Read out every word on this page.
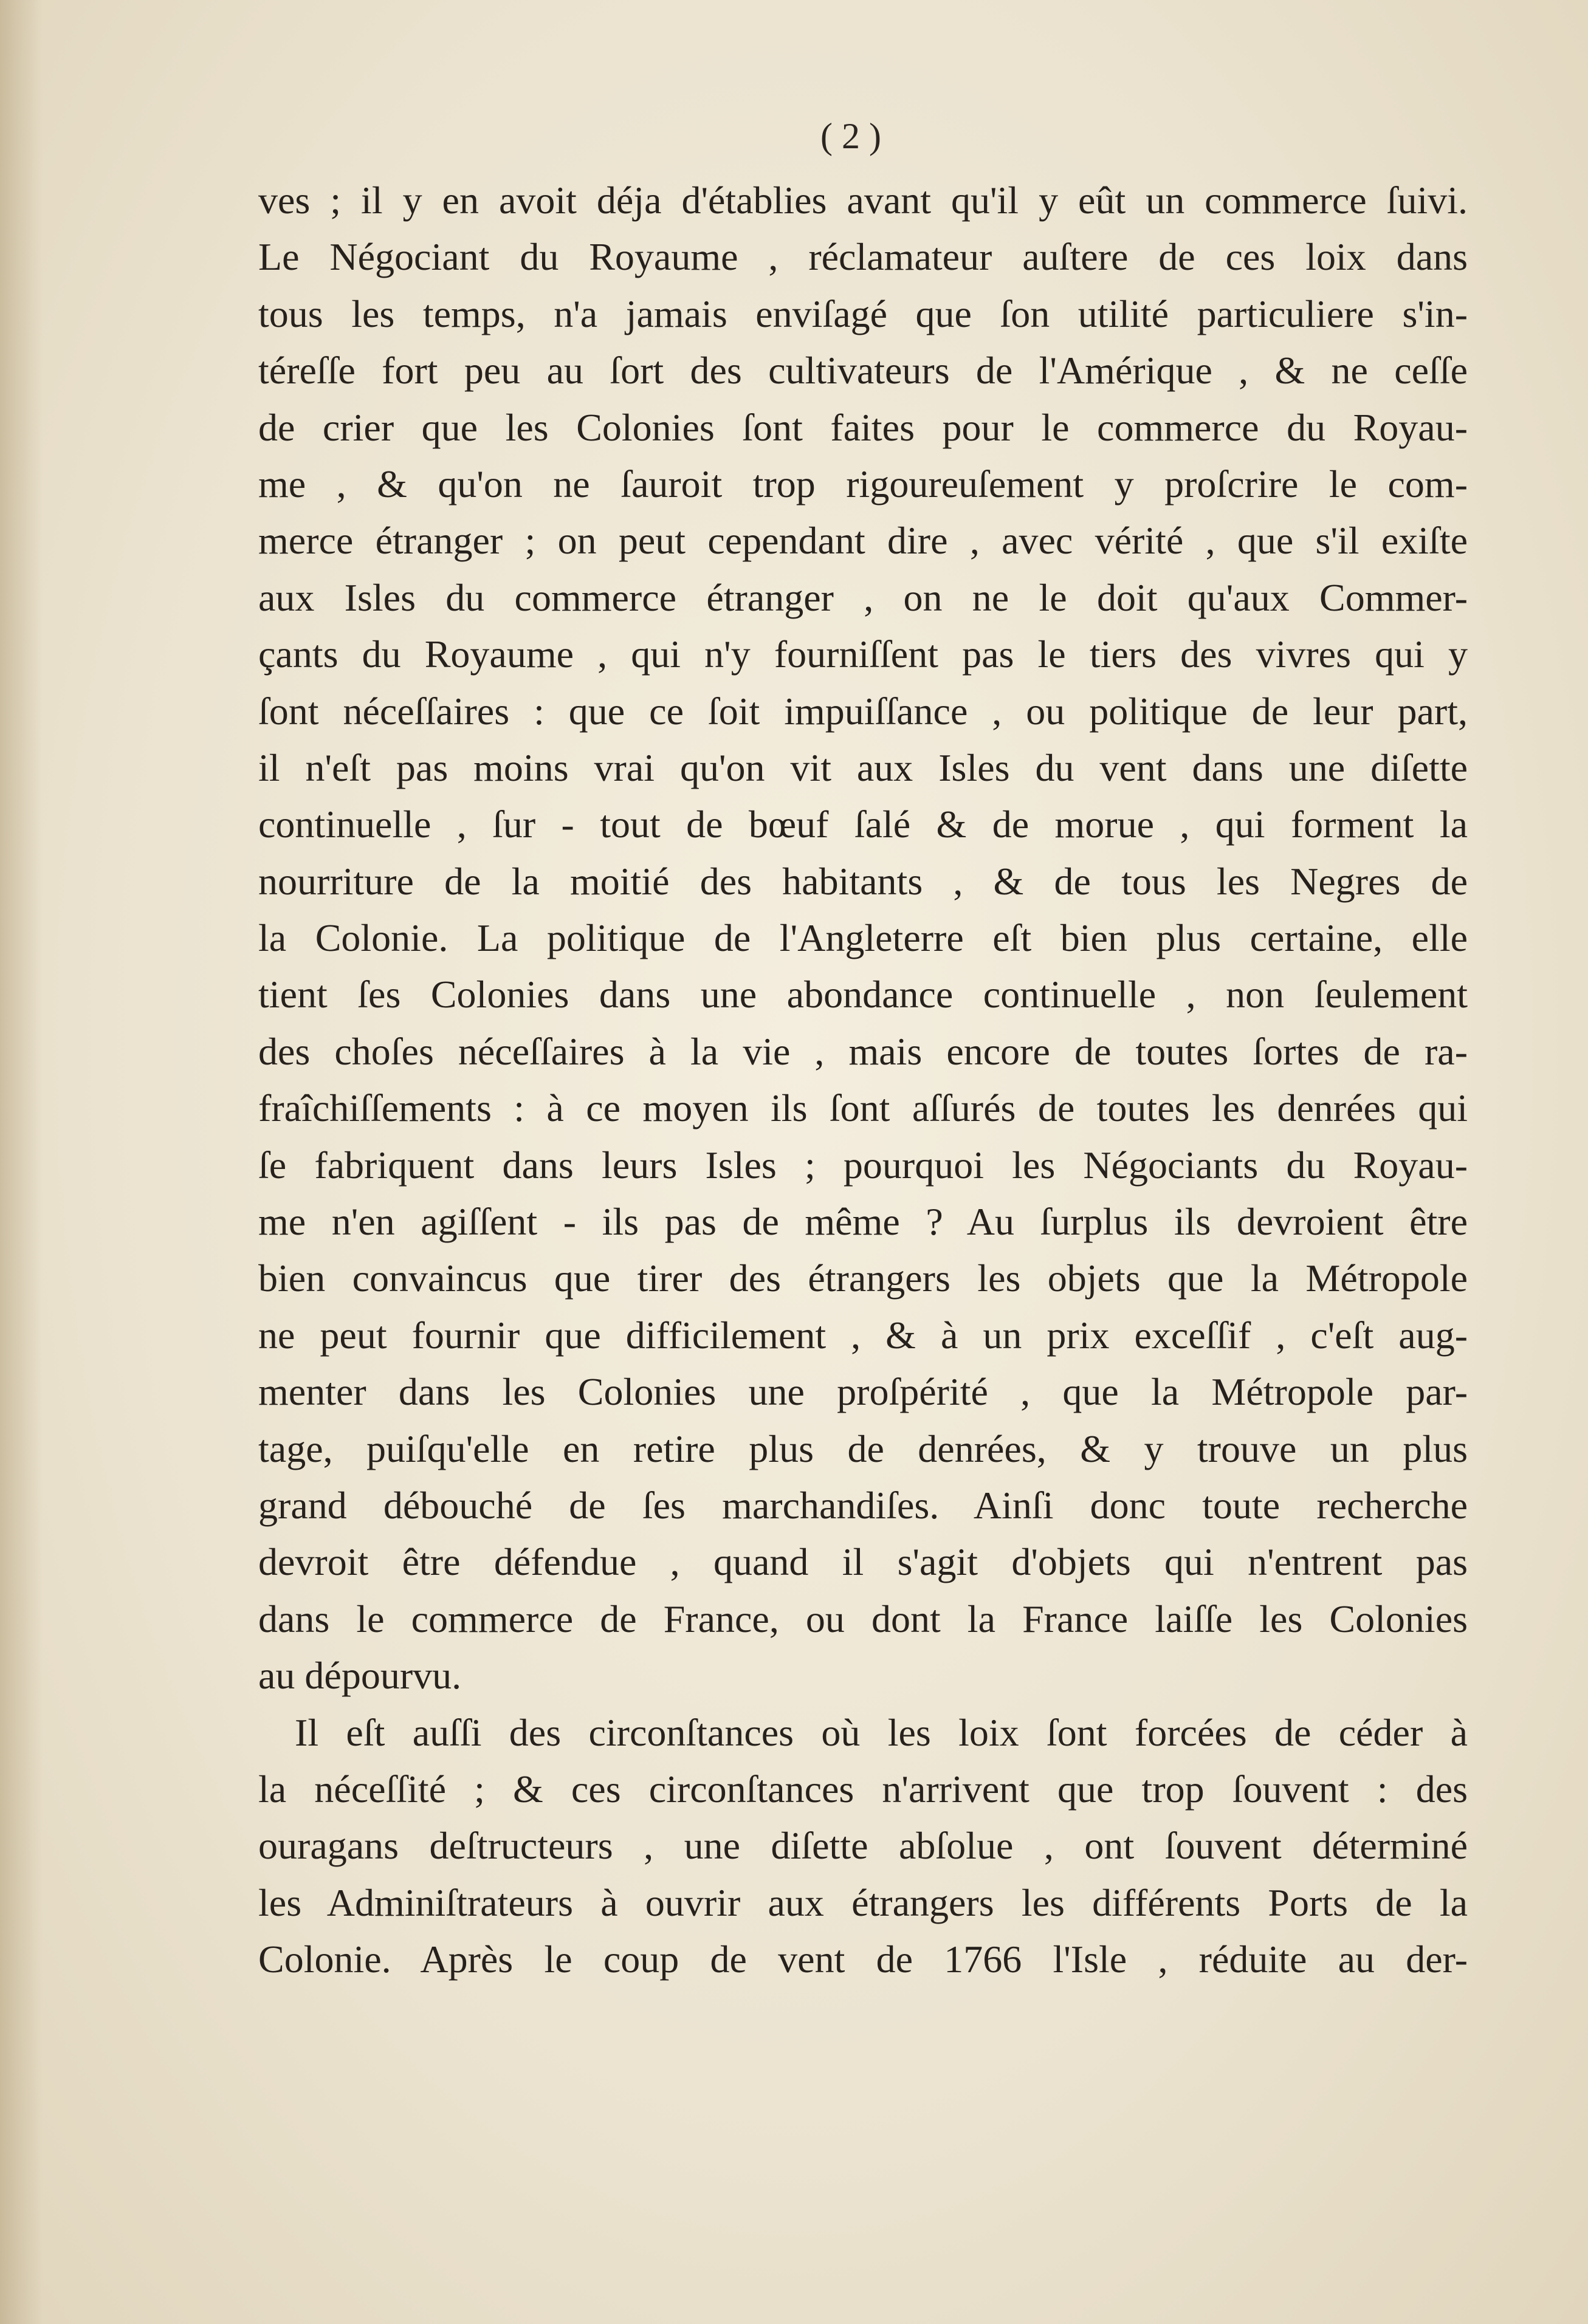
( 2 )
ves ; il y en avoit déja d'établies avant qu'il y eût un commerce ſuivi.
Le Négociant du Royaume , réclamateur auſtere de ces loix dans
tous les temps, n'a jamais enviſagé que ſon utilité particuliere s'in-
téreſſe fort peu au ſort des cultivateurs de l'Amérique , & ne ceſſe
de crier que les Colonies ſont faites pour le commerce du Royau-
me , & qu'on ne ſauroit trop rigoureuſement y proſcrire le com-
merce étranger ; on peut cependant dire , avec vérité , que s'il exiſte
aux Isles du commerce étranger , on ne le doit qu'aux Commer-
çants du Royaume , qui n'y fourniſſent pas le tiers des vivres qui y
ſont néceſſaires : que ce ſoit impuiſſance , ou politique de leur part,
il n'eſt pas moins vrai qu'on vit aux Isles du vent dans une diſette
continuelle , ſur - tout de bœuf ſalé & de morue , qui forment la
nourriture de la moitié des habitants , & de tous les Negres de
la Colonie. La politique de l'Angleterre eſt bien plus certaine, elle
tient ſes Colonies dans une abondance continuelle , non ſeulement
des choſes néceſſaires à la vie , mais encore de toutes ſortes de ra-
fraîchiſſements : à ce moyen ils ſont aſſurés de toutes les denrées qui
ſe fabriquent dans leurs Isles ; pourquoi les Négociants du Royau-
me n'en agiſſent - ils pas de même ? Au ſurplus ils devroient être
bien convaincus que tirer des étrangers les objets que la Métropole
ne peut fournir que difficilement , & à un prix exceſſif , c'eſt aug-
menter dans les Colonies une proſpérité , que la Métropole par-
tage, puiſqu'elle en retire plus de denrées, & y trouve un plus
grand débouché de ſes marchandiſes. Ainſi donc toute recherche
devroit être défendue , quand il s'agit d'objets qui n'entrent pas
dans le commerce de France, ou dont la France laiſſe les Colonies
au dépourvu.
Il eſt auſſi des circonſtances où les loix ſont forcées de céder à
la néceſſité ; & ces circonſtances n'arrivent que trop ſouvent : des
ouragans deſtructeurs , une diſette abſolue , ont ſouvent déterminé
les Adminiſtrateurs à ouvrir aux étrangers les différents Ports de la
Colonie. Après le coup de vent de 1766 l'Isle , réduite au der-
